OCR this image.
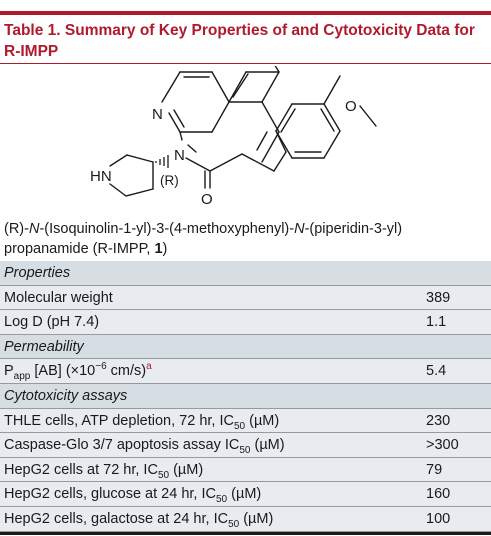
Table 1. Summary of Key Properties of and Cytotoxicity Data for R-IMPP
N
N
HN	(R)
O
O
(R)-N-(Isoquinolin-1-yl)-3-(4-methoxyphenyl)-N-(piperidin-3-yl)
propanamide (R-IMPP, 1)
Properties
Molecular weight	389
Log D (pH 7.4)	1.1
Permeability
$P_{app}$ [AB] ($\times 10^{-6}$ cm/s)$^a$	5.4
Cytotoxicity assays
THLE cells, ATP depletion, 72 hr, $IC_{50}$ (µM)	230
Caspase-Glo 3/7 apoptosis assay $IC_{50}$ (µM)	>300
HepG2 cells at 72 hr, $IC_{50}$ (µM)	79
HepG2 cells, glucose at 24 hr, $IC_{50}$ (µM)	160
HepG2 cells, galactose at 24 hr, $IC_{50}$ (µM)	100
